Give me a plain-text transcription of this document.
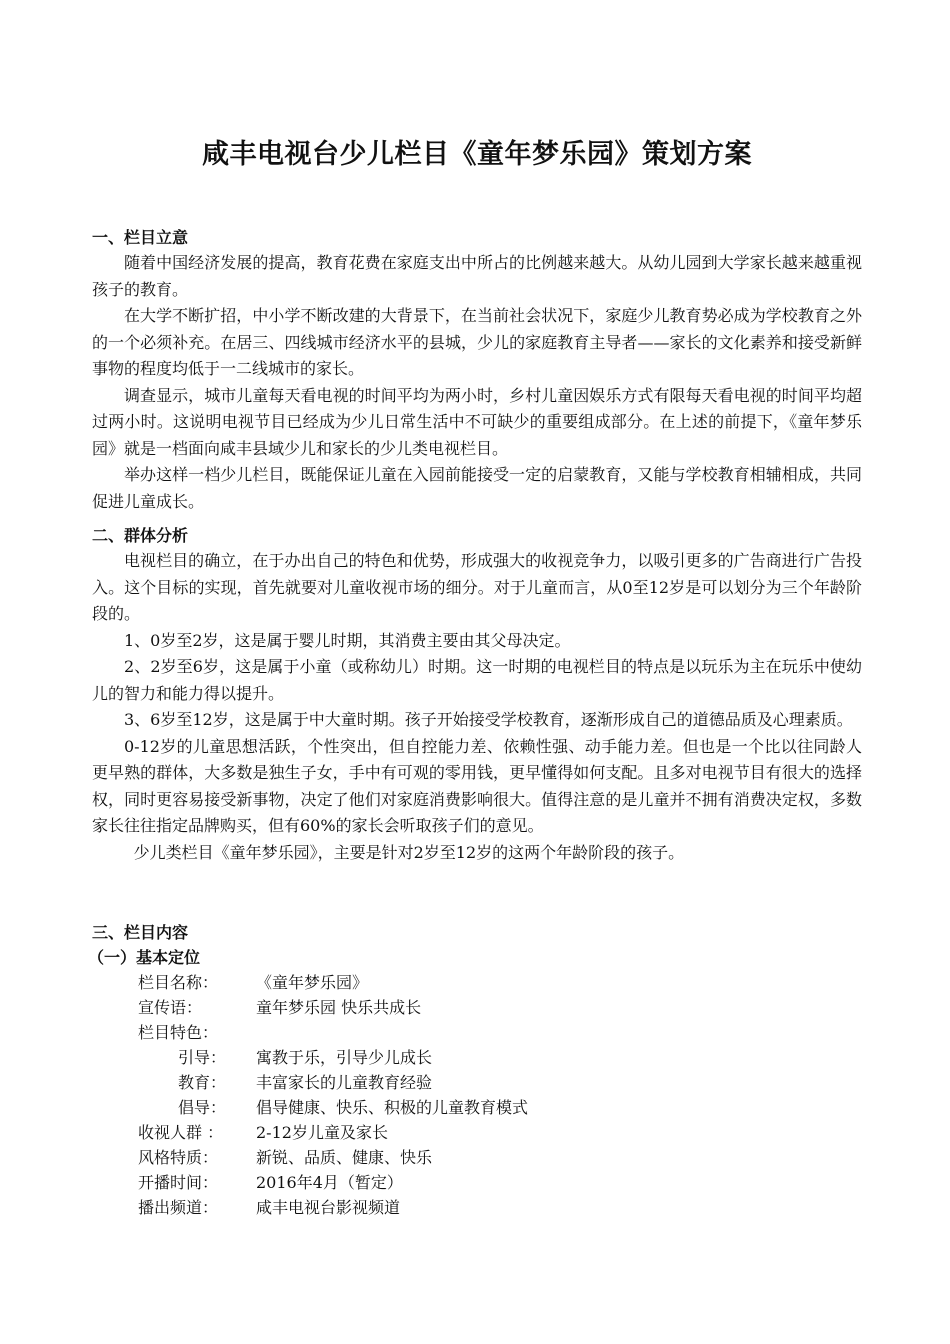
咸丰电视台少儿栏目《童年梦乐园》策划方案
一、栏目立意

随着中国经济发展的提高，教育花费在家庭支出中所占的比例越来越大。从幼儿园到大学家长越来越重视孩子的教育。

在大学不断扩招，中小学不断改建的大背景下，在当前社会状况下，家庭少儿教育势必成为学校教育之外的一个必须补充。在居三、四线城市经济水平的县城，少儿的家庭教育主导者——家长的文化素养和接受新鲜事物的程度均低于一二线城市的家长。

调查显示，城市儿童每天看电视的时间平均为两小时，乡村儿童因娱乐方式有限每天看电视的时间平均超过两小时。这说明电视节目已经成为少儿日常生活中不可缺少的重要组成部分。在上述的前提下，《童年梦乐园》就是一档面向咸丰县域少儿和家长的少儿类电视栏目。

举办这样一档少儿栏目，既能保证儿童在入园前能接受一定的启蒙教育，又能与学校教育相辅相成，共同促进儿童成长。

二、群体分析

电视栏目的确立，在于办出自己的特色和优势，形成强大的收视竞争力，以吸引更多的广告商进行广告投入。这个目标的实现，首先就要对儿童收视市场的细分。对于儿童而言，从0至12岁是可以划分为三个年龄阶段的。

1、0岁至2岁，这是属于婴儿时期，其消费主要由其父母决定。

2、2岁至6岁，这是属于小童（或称幼儿）时期。这一时期的电视栏目的特点是以玩乐为主在玩乐中使幼儿的智力和能力得以提升。

3、6岁至12岁，这是属于中大童时期。孩子开始接受学校教育，逐渐形成自己的道德品质及心理素质。

0-12岁的儿童思想活跃，个性突出，但自控能力差、依赖性强、动手能力差。但也是一个比以往同龄人更早熟的群体，大多数是独生子女，手中有可观的零用钱，更早懂得如何支配。且多对电视节目有很大的选择权，同时更容易接受新事物，决定了他们对家庭消费影响很大。值得注意的是儿童并不拥有消费决定权，多数家长往往指定品牌购买，但有60%的家长会听取孩子们的意见。

少儿类栏目《童年梦乐园》，主要是针对2岁至12岁的这两个年龄阶段的孩子。

三、栏目内容
（一）基本定位
栏目名称： 《童年梦乐园》
宣传语：	童年梦乐园 快乐共成长
栏目特色：
引导： 寓教于乐，引导少儿成长
教育： 丰富家长的儿童教育经验
倡导： 倡导健康、快乐、积极的儿童教育模式
收视人群 ： 2-12岁儿童及家长
风格特质： 新锐、品质、健康、快乐
开播时间： 2016年4月（暂定）
播出频道： 咸丰电视台影视频道
